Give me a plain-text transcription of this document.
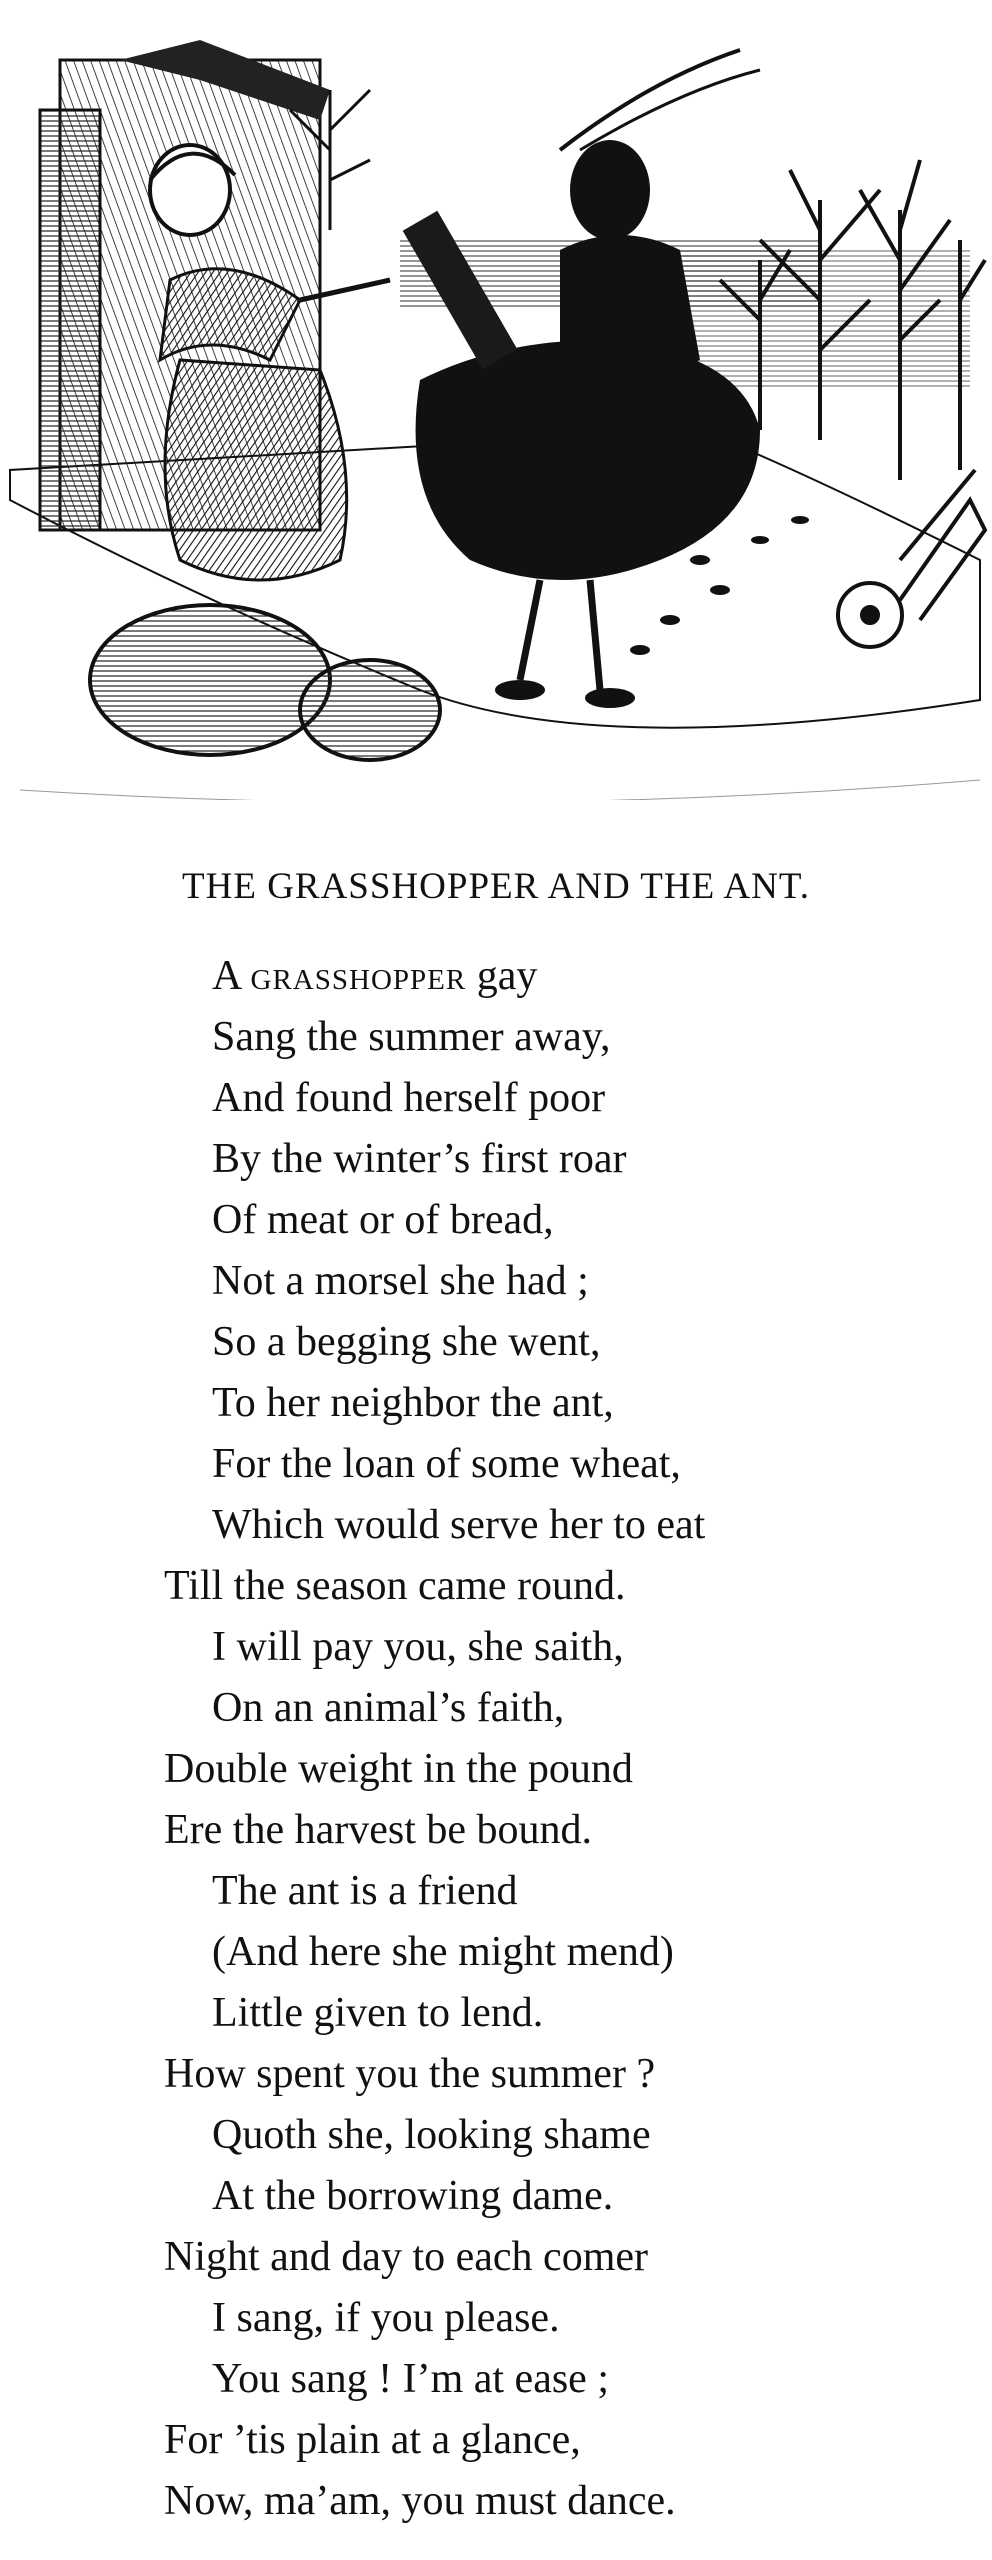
THE GRASSHOPPER AND THE ANT.
A grasshopper gay
Sang the summer away,
And found herself poor
By the winter’s first roar
Of meat or of bread,
Not a morsel she had ;
So a begging she went,
To her neighbor the ant,
For the loan of some wheat,
Which would serve her to eat
Till the season came round.
I will pay you, she saith,
On an animal’s faith,
Double weight in the pound
Ere the harvest be bound.
The ant is a friend
(And here she might mend)
Little given to lend.
How spent you the summer ?
Quoth she, looking shame
At the borrowing dame.
Night and day to each comer
I sang, if you please.
You sang ! I’m at ease ;
For ’tis plain at a glance,
Now, ma’am, you must dance.
